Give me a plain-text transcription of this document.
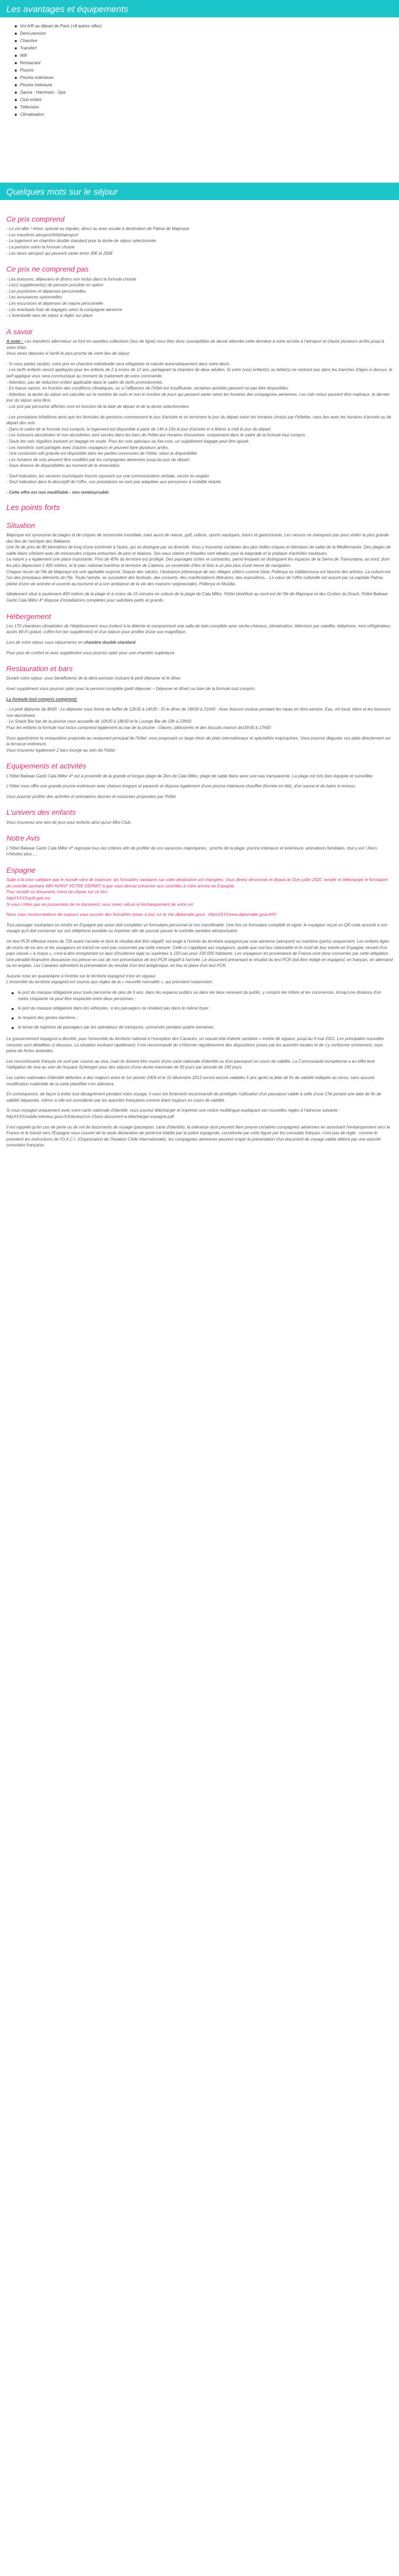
Les avantages et équipements
Vol A/R au départ de Paris (+8 autres villes)
Demi-pension
Chambre
Transfert
Wifi
Restaurant
Piscine
Piscine extérieure
Piscine intérieure
Sauna - Hammam - Spa
Club enfant
Télévision
Climatisation
Quelques mots sur le séjour
Ce prix comprend

- Le vol aller / retour spécial ou régulier, direct ou avec escale à destination de Palma de Majorque
- Les transferts aéroport/hôtel/aéroport
- Le logement en chambre double standard pour la durée de séjour sélectionnée
- La pension selon la formule choisie
- Les taxes aéroport qui peuvent varier entre 30€ et 200€

Ce prix ne comprend pas

- Les boissons, déjeuners et dîners non inclus dans la formule choisie
- Le(s) supplément(s) de pension possible en option
- Les pourboires et dépenses personnelles
- Les assurances optionnelles
- Les excursions et dépenses de nature personnelle
- Les éventuels frais de bagages selon la compagnie aérienne
- L'éventuelle taxe de séjour à régler sur place

A savoir

A noter : Les transferts aller/retour se font en navettes collectives (bus de ligne) vous êtes donc susceptibles de devoir attendre cette dernière à votre arrivée à l'aéroport et d'avoir plusieurs arrêts jusqu'à votre hôtel.
Vous serez déposés à l'arrêt le plus proche de votre lieu de séjour.

- Si vous partez seul(e), votre prix en chambre individuelle sera obligatoire et calculé automatiquement dans votre devis.
- Les tarifs enfants seront appliqués pour les enfants de 2 à moins de 12 ans, partageant la chambre de deux adultes. Si votre (vos) enfant(s) ou bébé(s) ne rentrent pas dans les tranches d'âges ci-dessus, le tarif appliqué vous sera communiqué au moment du traitement de votre commande.
- Attention, pas de réduction enfant applicable dans le cadre de tarifs promotionnels.
- En basse saison, en fonction des conditions climatiques, ou si l'affluence de l'hôtel est insuffisante, certaines activités peuvent ne pas être disponibles.
- Attention, la durée du séjour est calculée sur le nombre de nuits et non le nombre de jours qui peuvent varier selon les horaires des compagnies aériennes. Les vols retour peuvent être matinaux, le dernier jour du séjour sera libre.
- Les prix par personne affichés sont en fonction de la date de départ et de la durée sélectionnées.

- Les prestations hôtelières ainsi que les formules de pensions commencent le jour d'arrivée et se terminent le jour du départ selon les horaires choisis par l'hôtelier, sans lien avec les horaires d'arrivée ou de départ des vols.
- Dans le cadre de la formule tout compris, le logement est disponible à partir de 14h à 15h le jour d'arrivée et à libérer à midi le jour du départ.
- Les boissons alcoolisées et non alcoolisées sont servies dans les bars de l'hôtel aux horaires d'ouverture, uniquement dans le cadre de la formule tout compris.
- Seuls les vols réguliers incluent un bagage en soute. Pour les vols spéciaux ou low-cost, un supplément bagage peut être ajouté.
- Les transferts sont partagés avec d'autres voyageurs et peuvent faire plusieurs arrêts.
- Une connexion wifi gratuite est disponible dans les parties communes de l'hôtel, selon la disponibilité.
- Les horaires de vols peuvent être modifiés par les compagnies aériennes jusqu'au jour du départ.
- Sous réserve de disponibilités au moment de la réservation.

- Seuf indication, les services touristiques fournis reposent sur une communication verbale, seront en anglais
- Seuf indication dans le descriptif de l'offre, nos prestations ne sont pas adaptées aux personnes à mobilité réduite.

- Cette offre est non modifiable - non remboursable

Les points forts
Situation

Majorque est synonyme de plages et de criques de renommée mondiale, mais aussi de nature, golf, culture, sports nautiques, loisirs et gastronomie. Les raisons ne manquent pas pour visiter la plus grande des îles de l'archipel des Baléares.
Une île de près de 80 kilomètres de long d'une extrémité à l'autre, qui se distingue par sa diversité. Vous y trouverez certaines des plus belles criques et étendues de sable de la Méditerranée. Des plages de sable blanc côtoient avec de minuscules criques entourées de pins et falaises. Ses eaux claires et limpides sont idéales pour la baignade et la pratique d'activités nautiques.
La nature y a également une place importante. Près de 40% du territoire est protégé. Des paysages riches et contrastés, parmi lesquels se distinguent les espaces de la Sierra de Tramuntana, au nord, dont les pics dépassent 1 400 mètres, et le parc national maritime et terrestre de Cabrera, un ensemble d'îles et îlots à un peu plus d'une heure de navigation.
Chaque recoin de l'île de Majorque est une agréable surprise. Depuis des siècles, l'ambiance pittoresque de ses villages côtiers comme Deià, Pollença ou Valldemossa ont fasciné des artistes. La culture est l'un des principaux éléments de l'île. Toute l'année, se succèdent des festivals, des concerts, des manifestations littéraires, des expositions... Le cœur de l'offre culturelle est assuré par sa capitale Palma, pleine d'une vie animée et ouverte au tourisme et à son ambiance de la vie des maisons seigneuriales, Pollença et Alcúdia.

Idéalement situé à seulement 400 mètres de la plage et à moins de 15 minutes en voiture de la plage de Cala Millor, l'hôtel bénéficie au nord-est de l'île de Majorque et des Grottes du Drach, l'hôtel Baleaar Garbí Cala Millor 4* dispose d'installations complètes pour satisfaire petits et grands.

Hébergement

Les 170 chambres climatisées de l'établissement vous invitent à la détente et comprennent une salle de bain complète avec sèche-cheveux, climatisation, télévision par satellite, téléphone, mini-réfrigérateur, accès Wi-Fi gratuit, coffre-fort (en supplément) et d'un balcon pour profiter d'une vue magnifique.

Lors de votre séjour vous séjournerez en chambre double standard.

Pour plus de confort et avec supplément vous pourrez opter pour une chambre supérieure.

Restauration et bars

Durant votre séjour, vous bénéficierez de la demi-pension incluant le petit déjeuner et le dîner.

Avec supplément vous pourrez opter pour la pension complète (petit déjeuner – Déjeuner et dîner) ou bien de la formule tout compris.

La formule tout compris comprend:

- Le petit déjeuner de 8h00 - Le déjeuner sous forme de buffet de 12h30 à 14h30 - Et le dîner de 18h30 à 21h00 - Avec boisson incluse pendant les repas en libre-service. Eau, vin local, bière et les boissons non alcoolisées
- Le Snack Bar bar de la piscine vous accueille de 10h30 à 18h30 et le Lounge Bar de 19h à 23h00
Pour les enfants la formule tout inclus comprend également au bar de la piscine : Glaces, pâtisseries et des biscuits maison de15h30 à 17h00

Vous apprécierez la restauration proposée au restaurant principal de l'hôtel, vous proposant un large choix de plats internationaux et spécialités majorquines. Vous pourrez déguster vos plats directement sur la terrasse extérieure.
Vous trouverez également 2 bars lounge au sein de l'hôtel.

Equipements et activités

L'Hôtel Baleaar Garbí Cala Millor 4* est à proximité de la grande et longue plage de 2km de Cala Millor, plage de sable blanc avec une eau transparente. La plage est très bien équipée et surveillée.

L'Hôtel vous offre une grande piscine extérieure avec chaises longues et parasols et dispose également d'une piscine intérieure chauffée (fermée en été), d'un sauna et de bains à remous.

Vous pourrez profiter des activités et animations diurnes et nocturnes proposées par l'hôtel

L'univers des enfants

Vous trouverez une aire de jeux pour enfants ainsi qu'un Mini-Club.

Notre Avis

L'Hôtel Baleaar Garbí Cala Millor 4* regroupe tous les critères afin de profiter de vos vacances majorquines : proche de la plage, piscine intérieure et extérieure, animations familiales, tout y est ! Alors n'hésitez plus.....

Espagne

Suite à la crise sanitaire que le monde vient de traverser, les formalités sanitaires sur votre destination ont changées. Vous devez désormais et depuis le 01er juillet 2020, remplir et télécharger le formulaire de contrôle sanitaire 48H AVANT VOTRE DEPART à que vous devrez présenter aux contrôles à votre arrivée en Espagne.
Pour remplir ce document, merci de cliquer sur ce lien :
httpXXXXXspth.gob.es/
Si vous n'êtes pas en possession de ce document, vous serez refusé à l'embarquement de votre vol.

Nous vous recommandons de toujours vous assurer des formalités mises à jour sur le site diplomatie.gouv : httpsXXXXwww.diplomatie.gouv.fr/fr/

Tout passager souhaitant se rendre en Espagne par avion doit compléter un formulaire personnel et non transférable. Une fois ce formulaire complété et signé, le voyageur reçoit un QR code associé à son voyage qu'il doit conserver sur son téléphone portable ou imprimer afin de pouvoir passer le contrôle sanitaire aéroportuaire.

Un test PCR effectué moins de 72h avant l'arrivée et dont le résultat doit être négatif, est exigé à l'entrée du territoire espagnol par voie aérienne (aéroport) ou maritime (ports) uniquement. Les enfants âgés de moins de six ans et les voyageurs en transit ne sont pas concernés par cette mesure. Celle-ci s'applique aux voyageurs, quelle que soit leur nationalité et le motif de leur entrée en Espagne, venant d'un pays classé « à risque », c'est-à-dire enregistrant un taux d'incidence égal ou supérieur à 150 cas pour 100 000 habitants. Les voyageurs en provenance de France sont donc concernés par cette obligation. Une pénalité financière dissuasive est prévue en cas de non présentation de test PCR négatif à l'arrivée. Le document présentant le résultat du test PCR doit être rédigé en espagnol, en français, en allemand ou en anglais. Les Canaries admettent la présentation du résultat d'un test antigénique, en lieu et place d'un test PCR.

Aucune mise en quarantaine à l'entrée sur le territoire espagnol n'est en vigueur.
L'ensemble du territoire espagnol est soumis aux règles de la « nouvelle normalité », qui prévoient notamment :

le port du masque obligatoire pour toute personne de plus de 6 ans, dans les espaces publics ou dans les lieux recevant du public, y compris les hôtels et les commerces, lorsqu'une distance d'un mètre cinquante ne peut être respectée entre deux personnes ;
le port du masque obligatoire dans les véhicules, si les passagers ne résident pas dans le même foyer ;
le respect des gestes barrières ;
la tenue de registres de passagers par les opérateurs de transports, conservés pendant quatre semaines.

Le gouvernement espagnol a décrété, pour l'ensemble du territoire national à l'exception des Canaries, un nouvel état d'alerte sanitaire » entrée de vigueur, jusqu'au 9 mai 2021. Les principales nouvelles mesures sont détaillées ci-dessous. La situation évoluant rapidement, il est recommandé de s'informer régulièrement des dispositions prises par les autorités locales et de s'y conformer strictement, sous peine de fortes amendes.

Les ressortissants français ne sont pas soumis au visa, mais ils doivent être munis d'une carte nationale d'identité ou d'un passeport en cours de validité. La Communauté européenne a en effet levé l'obligation de visa au sein de l'espace Schengen pour des séjours d'une durée maximale de 90 jours par période de 180 jours.

Les cartes nationales d'identité délivrées à des majeurs entre le 1er janvier 2004 et le 31 décembre 2013 seront encore valables 5 ans après la date de fin de validité indiquée au verso, sans aucune modification matérielle de la carte plastifiée n'en attestera.

En conséquence, de façon à éviter tout désagrément pendant votre voyage, il vous est fortement recommandé de privilégier l'utilisation d'un passeport valide à celle d'une CNI portant une date de fin de validité dépassée, même si elle est considérée par les autorités françaises comme étant toujours en cours de validité.

Si vous voyagez uniquement avec votre carte nationale d'identité, vous pouvez télécharger et imprimer une notice multilingue expliquant ces nouvelles règles à l'adresse suivante : httpXXXXmobile.interieur.gouv.fr/Interieur/cni-15ans-document-a-telecharger-espagne.pdf.

Il est rappelé qu'en cas de perte ou de vol de documents de voyage (passeport, carte d'identité), la tolérance dont peuvent faire preuve certaines compagnies aériennes en autorisant l'embarquement vers la France et le transit vers l'Espagne sous couvert de la seule déclaration de perte/vol établie par la police espagnole, corroborée par cette figure par les consulats français, n'est pas de règle : comme le prévoient les instructions de l'O.A.C.I. (Organisation de l'Aviation Civile Internationale), les compagnies aériennes peuvent exiger la présentation d'un document de voyage valide délivré par une autorité consulaire française.
